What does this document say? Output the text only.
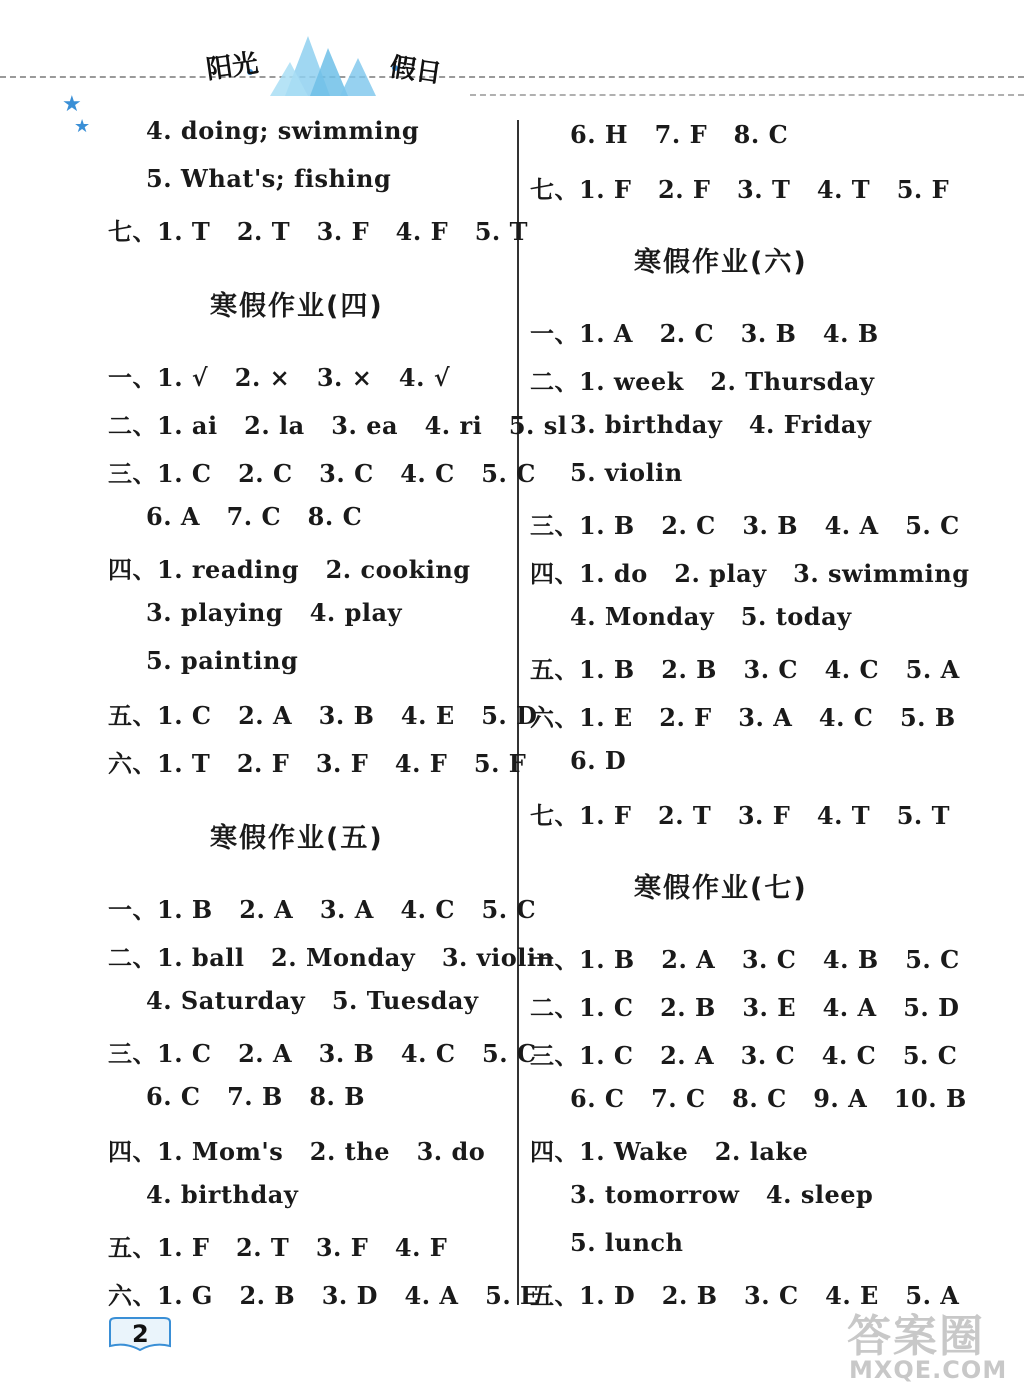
阳光	假日
★
★ 4. doing; swimming
5. What's; fishing
七、1. T   2. T   3. F   4. F   5. T
寒假作业(四)
一、1. √   2. ×   3. ×   4. √
二、1. ai   2. la   3. ea   4. ri   5. sl
三、1. C   2. C   3. C   4. C   5. C
6. A   7. C   8. C
四、1. reading   2. cooking
3. playing   4. play
5. painting
五、1. C   2. A   3. B   4. E   5. D
六、1. T   2. F   3. F   4. F   5. F
寒假作业(五)
一、1. B   2. A   3. A   4. C   5. C
二、1. ball   2. Monday   3. violin
4. Saturday   5. Tuesday
三、1. C   2. A   3. B   4. C   5. C
6. C   7. B   8. B
四、1. Mom's   2. the   3. do
4. birthday
五、1. F   2. T   3. F   4. F
六、1. G   2. B   3. D   4. A   5. E
6. H   7. F   8. C
七、1. F   2. F   3. T   4. T   5. F
寒假作业(六)
一、1. A   2. C   3. B   4. B
二、1. week   2. Thursday
3. birthday   4. Friday
5. violin
三、1. B   2. C   3. B   4. A   5. C
四、1. do   2. play   3. swimming
4. Monday   5. today
五、1. B   2. B   3. C   4. C   5. A
六、1. E   2. F   3. A   4. C   5. B
6. D
七、1. F   2. T   3. F   4. T   5. T
寒假作业(七)
一、1. B   2. A   3. C   4. B   5. C
二、1. C   2. B   3. E   4. A   5. D
三、1. C   2. A   3. C   4. C   5. C
6. C   7. C   8. C   9. A   10. B
四、1. Wake   2. lake
3. tomorrow   4. sleep
5. lunch
五、1. D   2. B   3. C   4. E   5. A
2	答案圈
MXQE.COM
